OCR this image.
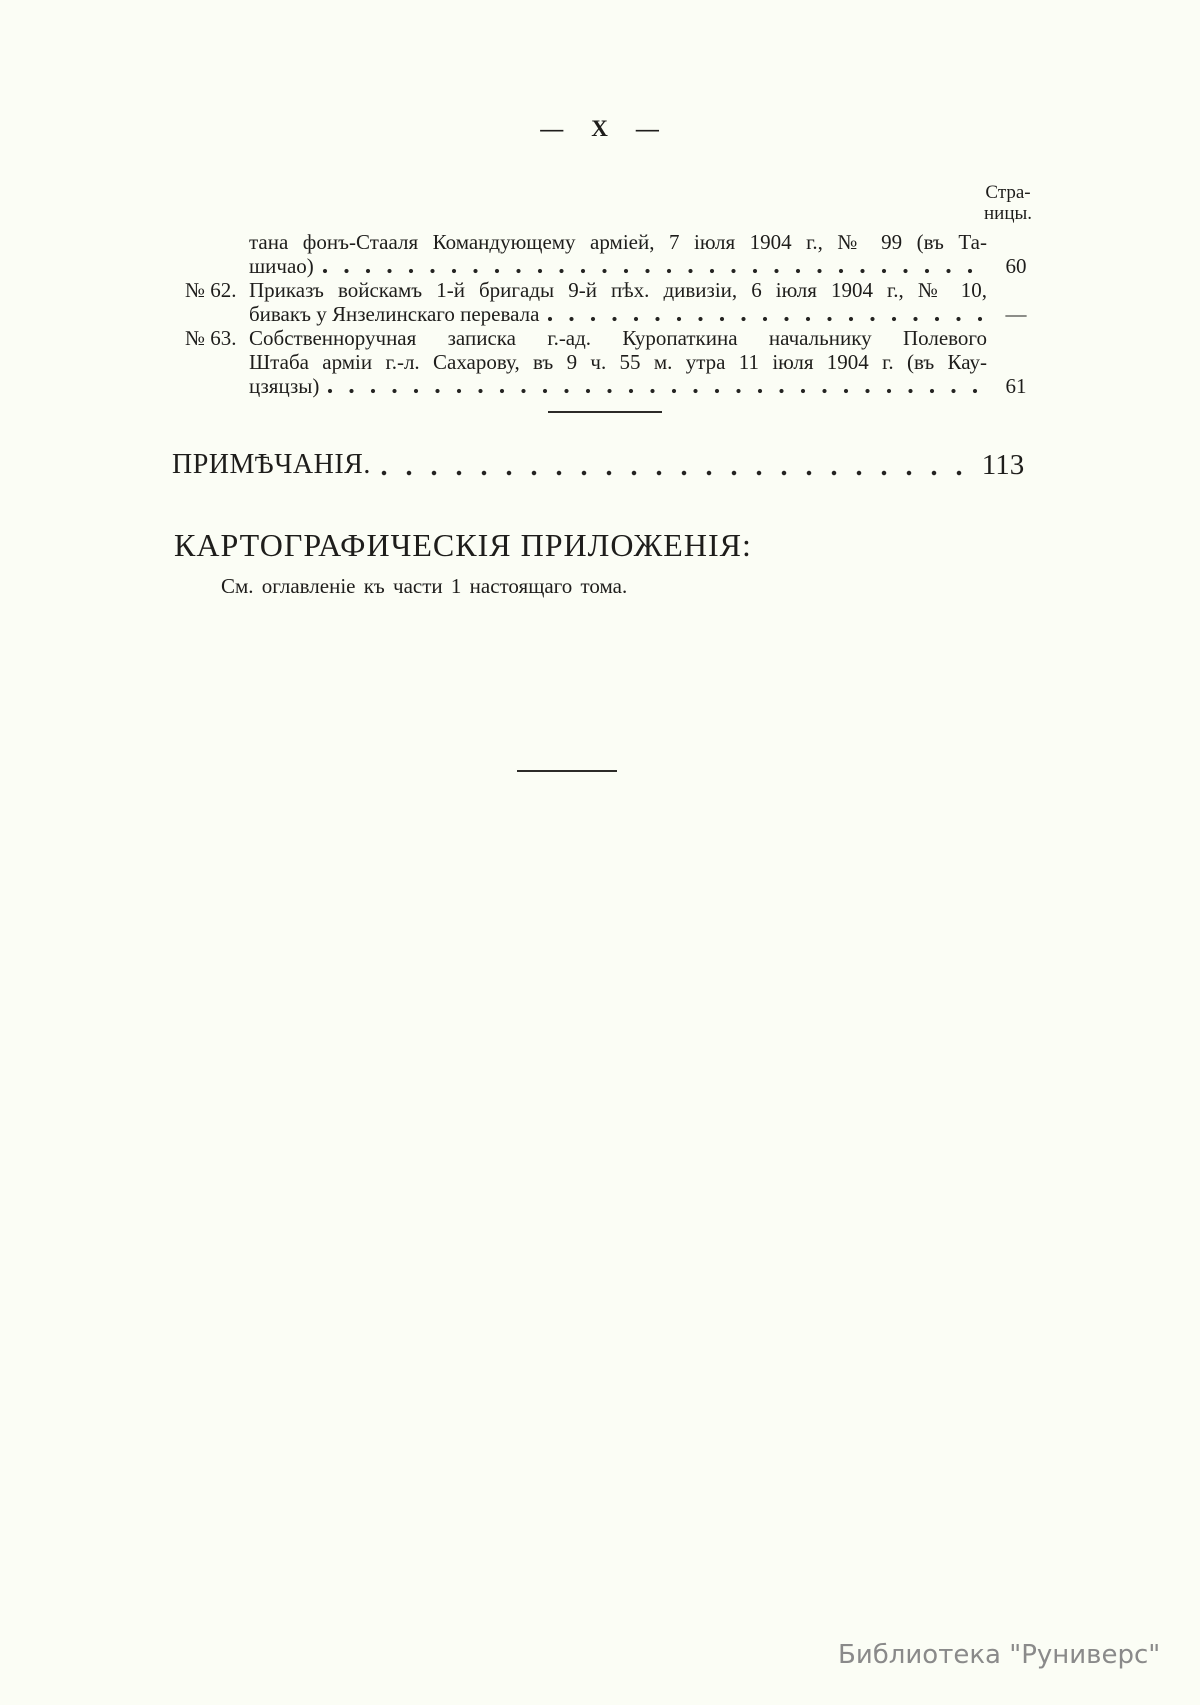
— X —
Стра-
ницы.
тана фонъ-Стааля Командующему арміей, 7 іюля 1904 г., № 99 (въ Та-
шичао)	60
№ 62. Приказъ войскамъ 1-й бригады 9-й пѣх. дивизіи, 6 іюля 1904 г., № 10,
бивакъ у Янзелинскаго перевала	—
№ 63. Собственноручная записка г.-ад. Куропаткина начальнику Полевого
Штаба арміи г.-л. Сахарову, въ 9 ч. 55 м. утра 11 іюля 1904 г. (въ Кау-
цзяцзы)	61
ПРИМѢЧАНІЯ.	113
КАРТОГРАФИЧЕСКІЯ ПРИЛОЖЕНІЯ:
См. оглавленіе къ части 1 настоящаго тома.
Библиотека "Руниверс"
